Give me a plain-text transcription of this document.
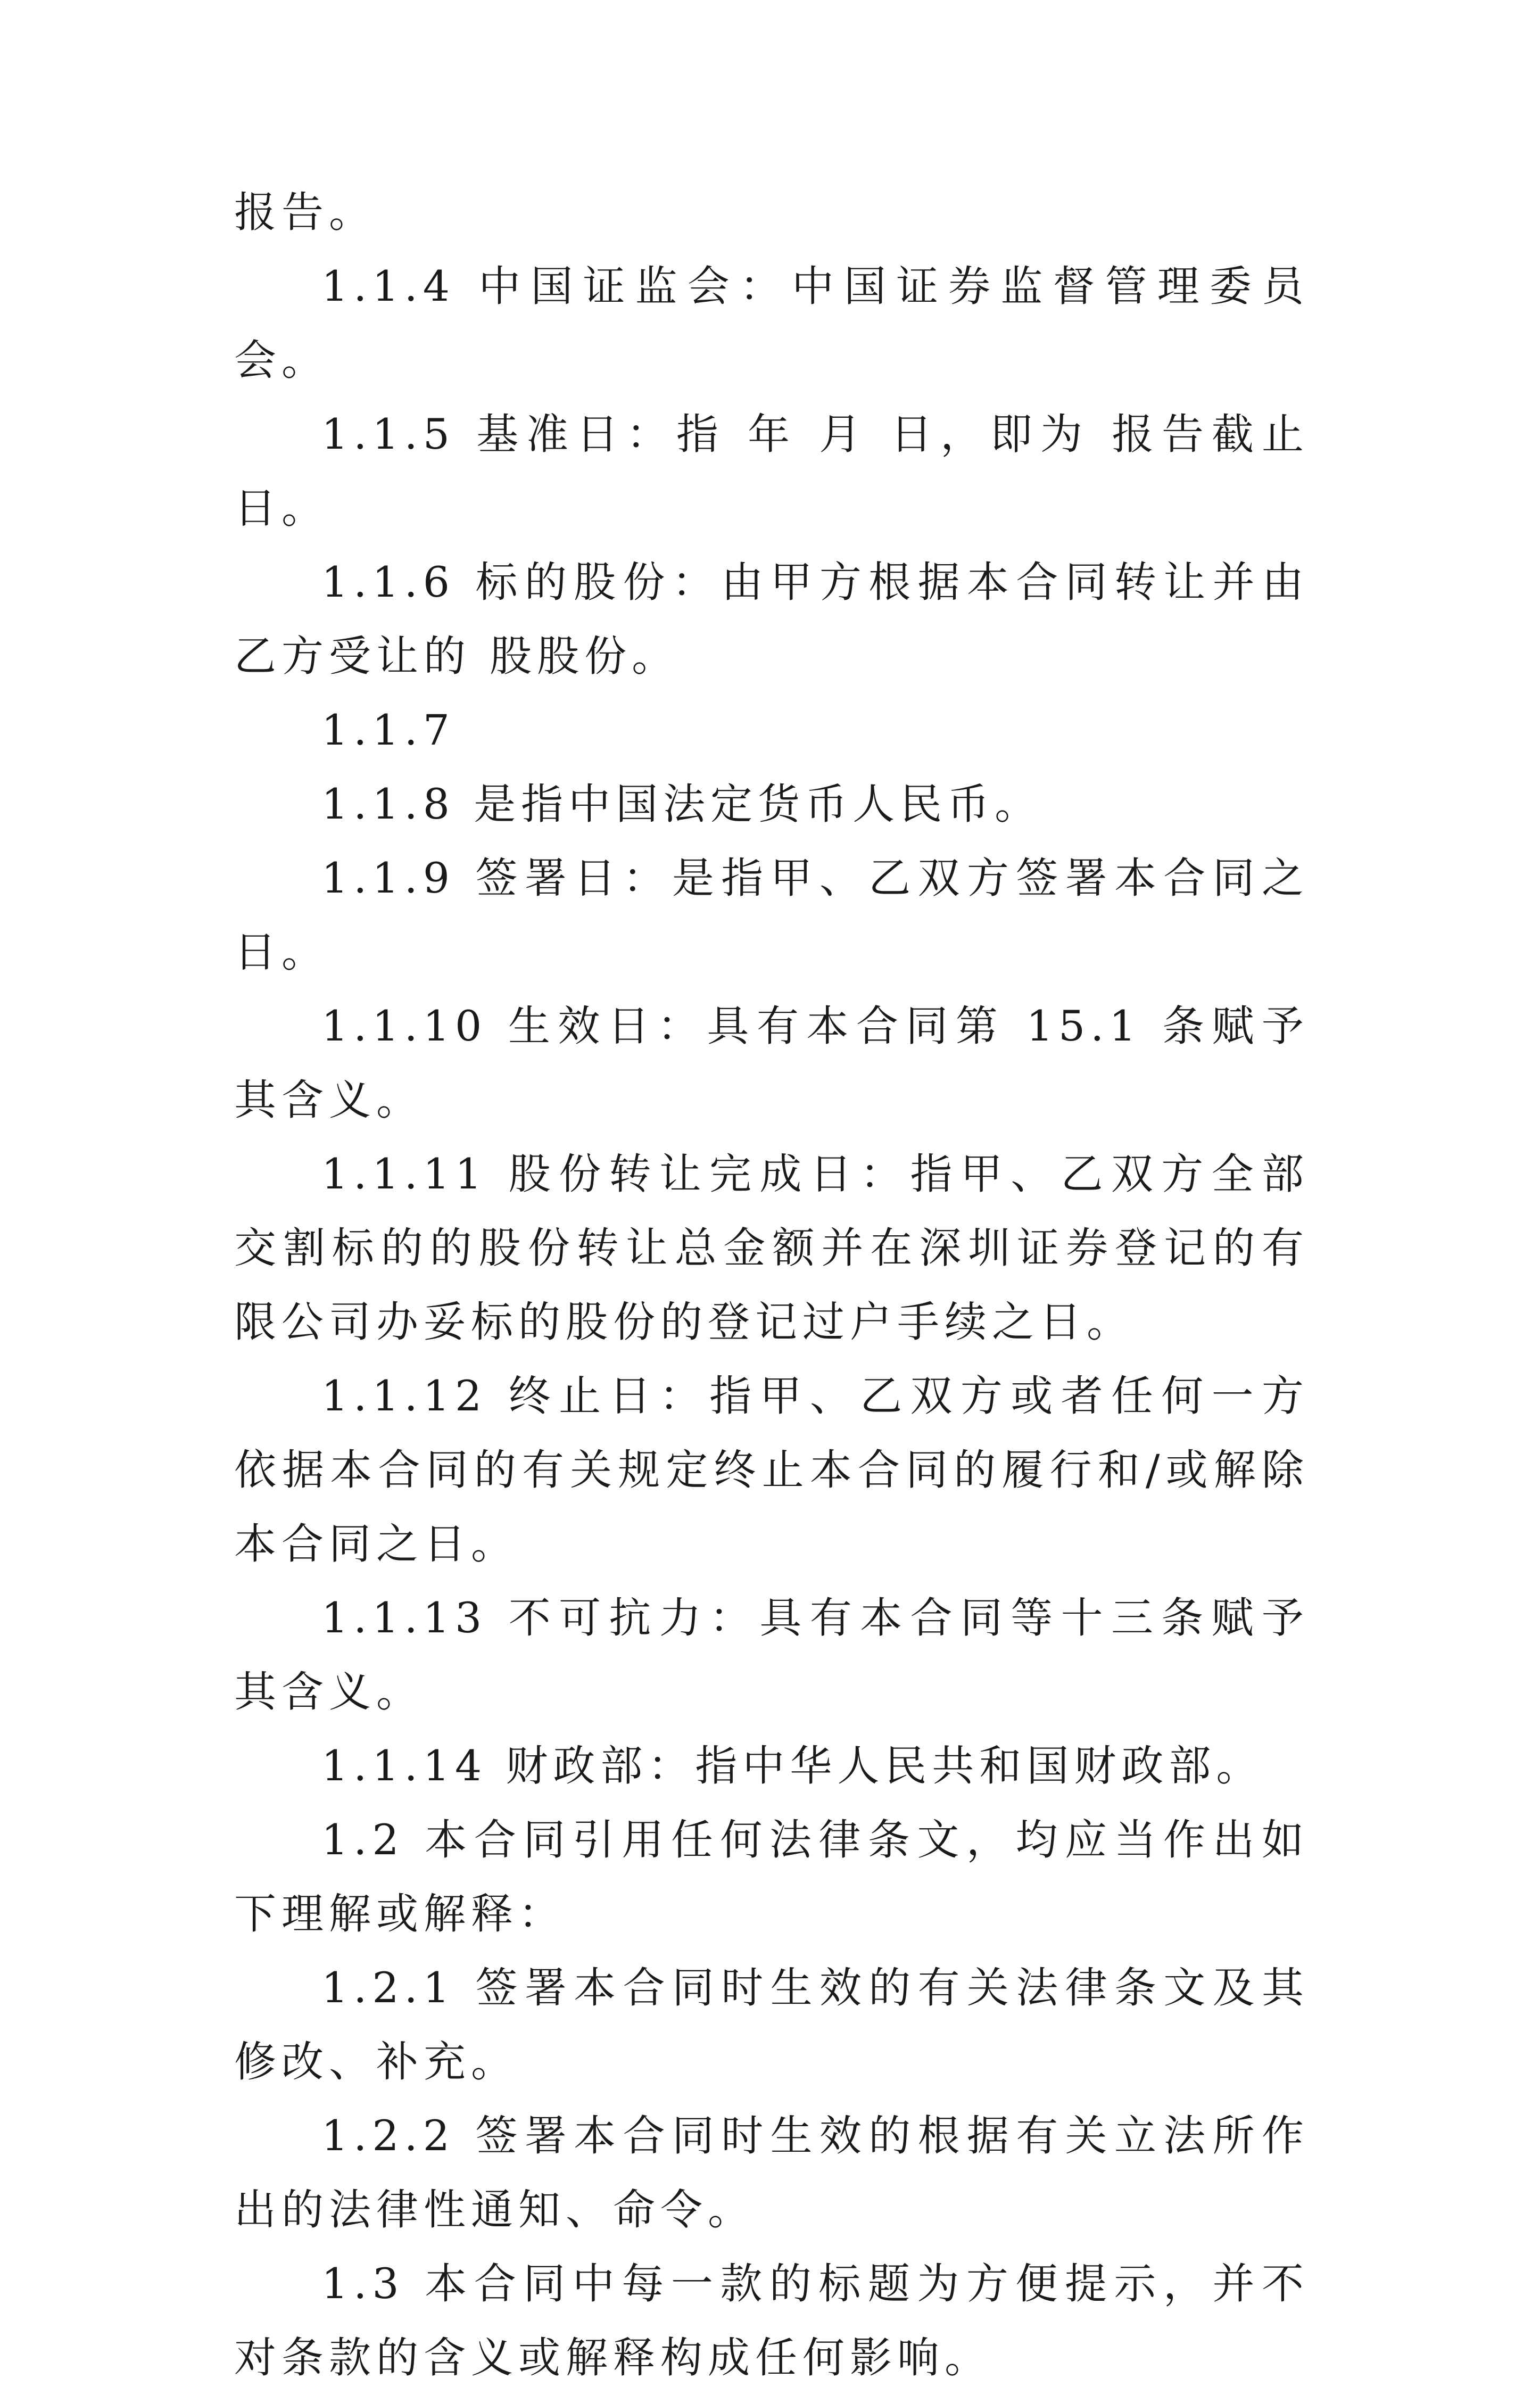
报告。

1.1.4 中国证监会：中国证券监督管理委员会。

1.1.5 基准日：指 年 月 日，即为 报告截止日。

1.1.6 标的股份：由甲方根据本合同转让并由乙方受让的 股股份。

1.1.7

1.1.8 是指中国法定货币人民币。

1.1.9 签署日：是指甲、乙双方签署本合同之日。

1.1.10 生效日：具有本合同第 15.1 条赋予其含义。

1.1.11 股份转让完成日：指甲、乙双方全部交割标的的股份转让总金额并在深圳证券登记的有限公司办妥标的股份的登记过户手续之日。

1.1.12 终止日：指甲、乙双方或者任何一方依据本合同的有关规定终止本合同的履行和/或解除本合同之日。

1.1.13 不可抗力：具有本合同等十三条赋予其含义。

1.1.14 财政部：指中华人民共和国财政部。

1.2 本合同引用任何法律条文，均应当作出如下理解或解释：

1.2.1 签署本合同时生效的有关法律条文及其修改、补充。

1.2.2 签署本合同时生效的根据有关立法所作出的法律性通知、命令。

1.3 本合同中每一款的标题为方便提示，并不对条款的含义或解释构成任何影响。
